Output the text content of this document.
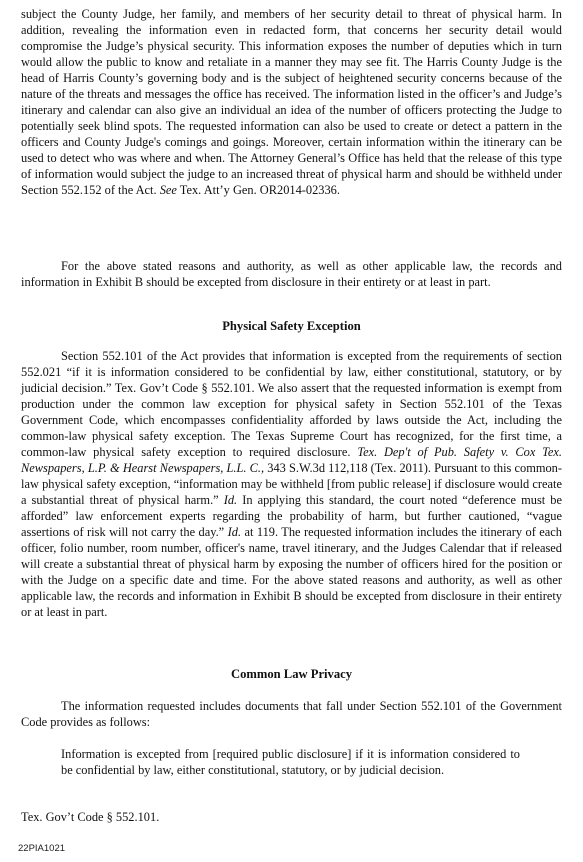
subject the County Judge, her family, and members of her security detail to threat of physical harm. In addition, revealing the information even in redacted form, that concerns her security detail would compromise the Judge’s physical security. This information exposes the number of deputies which in turn would allow the public to know and retaliate in a manner they may see fit. The Harris County Judge is the head of Harris County’s governing body and is the subject of heightened security concerns because of the nature of the threats and messages the office has received. The information listed in the officer’s and Judge’s itinerary and calendar can also give an individual an idea of the number of officers protecting the Judge to potentially seek blind spots. The requested information can also be used to create or detect a pattern in the officers and County Judge's comings and goings. Moreover, certain information within the itinerary can be used to detect who was where and when. The Attorney General’s Office has held that the release of this type of information would subject the judge to an increased threat of physical harm and should be withheld under Section 552.152 of the Act. See Tex. Att’y Gen. OR2014-02336.

For the above stated reasons and authority, as well as other applicable law, the records and information in Exhibit B should be excepted from disclosure in their entirety or at least in part.

Physical Safety Exception

Section 552.101 of the Act provides that information is excepted from the requirements of section 552.021 “if it is information considered to be confidential by law, either constitutional, statutory, or by judicial decision.” Tex. Gov’t Code § 552.101. We also assert that the requested information is exempt from production under the common law exception for physical safety in Section 552.101 of the Texas Government Code, which encompasses confidentiality afforded by laws outside the Act, including the common-law physical safety exception. The Texas Supreme Court has recognized, for the first time, a common-law physical safety exception to required disclosure. Tex. Dep't of Pub. Safety v. Cox Tex. Newspapers, L.P. & Hearst Newspapers, L.L. C., 343 S.W.3d 112,118 (Tex. 2011). Pursuant to this common-law physical safety exception, “information may be withheld [from public release] if disclosure would create a substantial threat of physical harm.” Id. In applying this standard, the court noted “deference must be afforded” law enforcement experts regarding the probability of harm, but further cautioned, “vague assertions of risk will not carry the day.” Id. at 119. The requested information includes the itinerary of each officer, folio number, room number, officer's name, travel itinerary, and the Judges Calendar that if released will create a substantial threat of physical harm by exposing the number of officers hired for the position or with the Judge on a specific date and time. For the above stated reasons and authority, as well as other applicable law, the records and information in Exhibit B should be excepted from disclosure in their entirety or at least in part.

Common Law Privacy

The information requested includes documents that fall under Section 552.101 of the Government Code provides as follows:

Information is excepted from [required public disclosure] if it is information considered to be confidential by law, either constitutional, statutory, or by judicial decision.

Tex. Gov’t Code § 552.101.

22PIA1021
